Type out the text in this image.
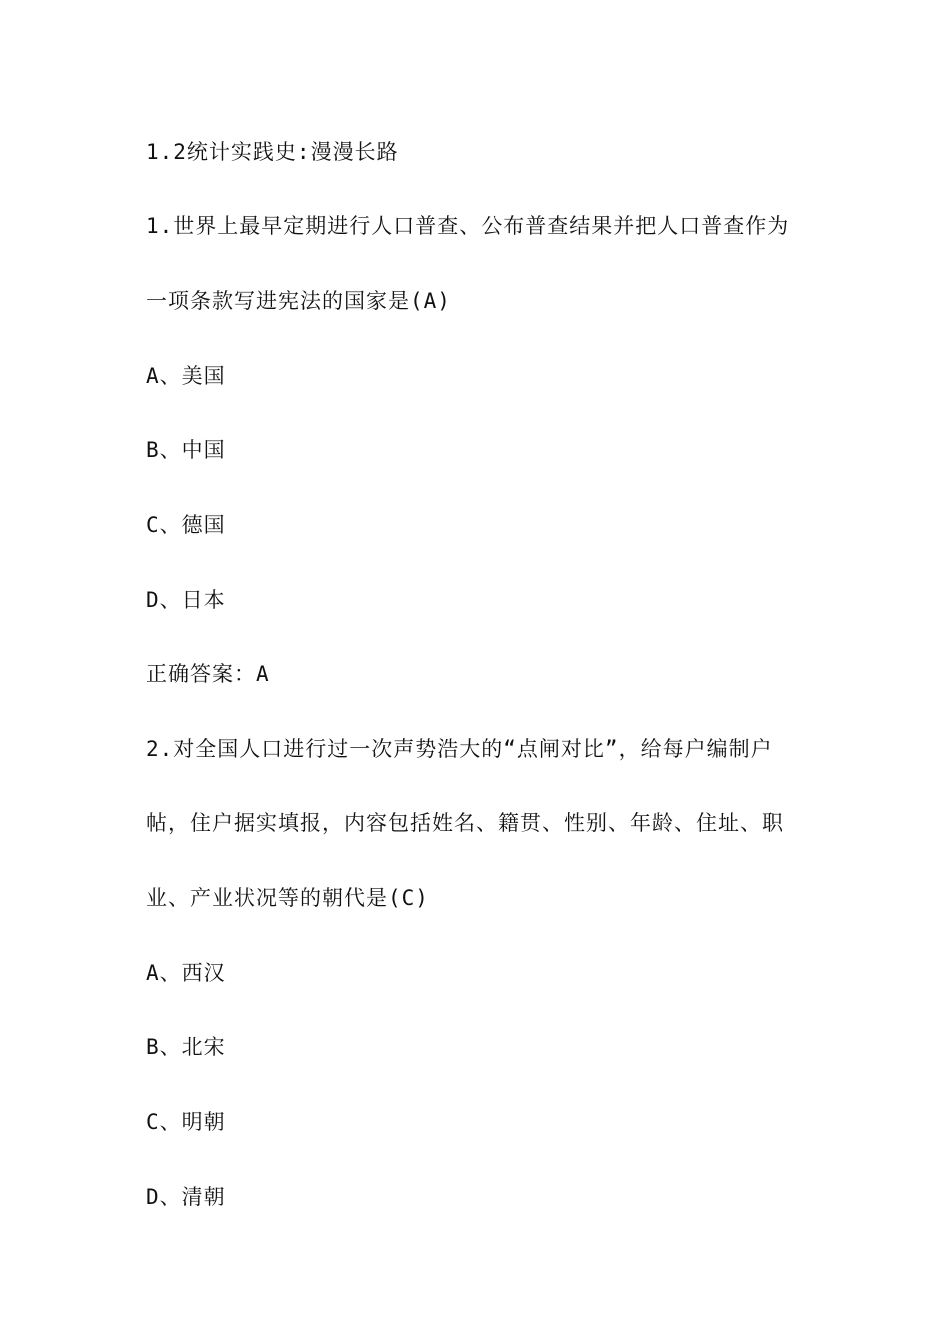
1.2统计实践史:漫漫长路
1.世界上最早定期进行人口普查、公布普查结果并把人口普查作为
一项条款写进宪法的国家是(A)
A、美国
B、中国
C、德国
D、日本
正确答案：A
2.对全国人口进行过一次声势浩大的“点闸对比”，给每户编制户
帖，住户据实填报，内容包括姓名、籍贯、性别、年龄、住址、职
业、产业状况等的朝代是(C)
A、西汉
B、北宋
C、明朝
D、清朝
